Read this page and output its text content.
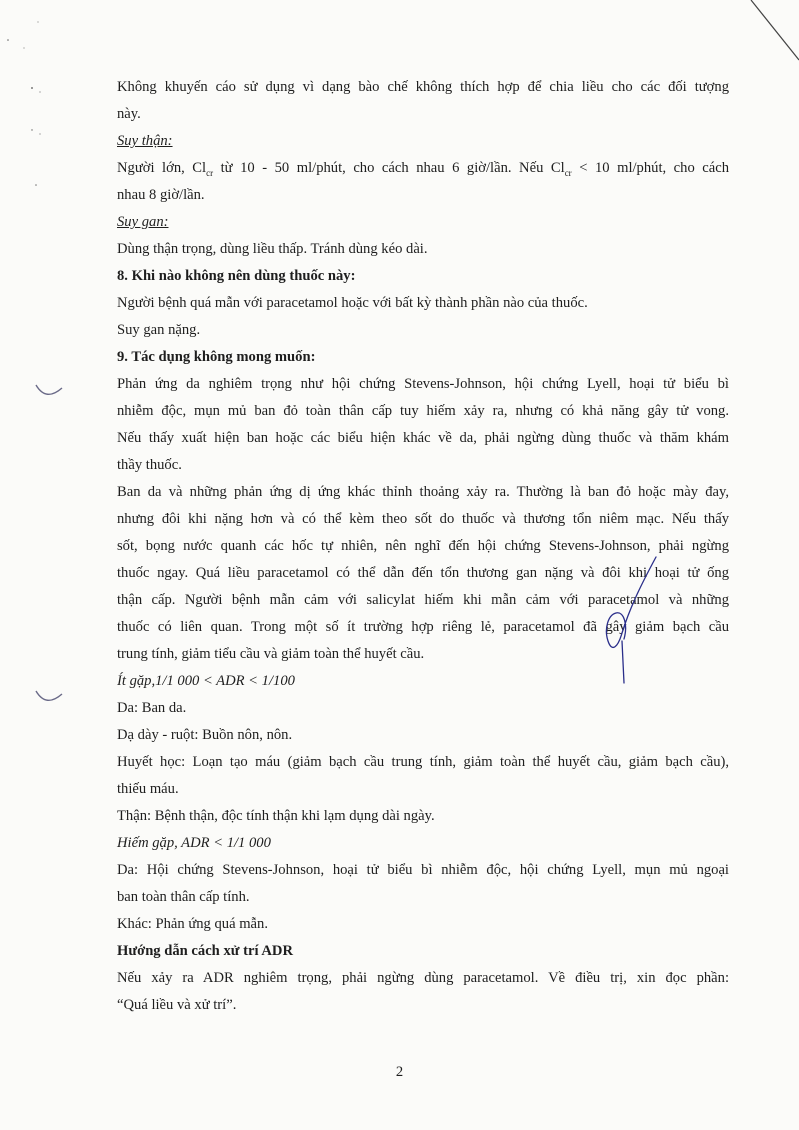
Không khuyến cáo sử dụng vì dạng bào chế không thích hợp để chia liều cho các đối tượng

này.

Suy thận:

Người lớn, $Cl_{cr}$ từ 10 - 50 ml/phút, cho cách nhau 6 giờ/lần. Nếu $Cl_{cr} < 10$ ml/phút, cho cách

nhau 8 giờ/lần.

Suy gan:

Dùng thận trọng, dùng liều thấp. Tránh dùng kéo dài.

8. Khi nào không nên dùng thuốc này:

Người bệnh quá mẫn với paracetamol hoặc với bất kỳ thành phần nào của thuốc.

Suy gan nặng.

9. Tác dụng không mong muốn:

Phản ứng da nghiêm trọng như hội chứng Stevens-Johnson, hội chứng Lyell, hoại tử biểu bì

nhiễm độc, mụn mủ ban đỏ toàn thân cấp tuy hiếm xảy ra, nhưng có khả năng gây tử vong.

Nếu thấy xuất hiện ban hoặc các biểu hiện khác về da, phải ngừng dùng thuốc và thăm khám

thầy thuốc.

Ban da và những phản ứng dị ứng khác thỉnh thoảng xảy ra. Thường là ban đỏ hoặc mày đay,

nhưng đôi khi nặng hơn và có thể kèm theo sốt do thuốc và thương tổn niêm mạc. Nếu thấy

sốt, bọng nước quanh các hốc tự nhiên, nên nghĩ đến hội chứng Stevens-Johnson, phải ngừng

thuốc ngay. Quá liều paracetamol có thể dẫn đến tổn thương gan nặng và đôi khi hoại tử ống

thận cấp. Người bệnh mẫn cảm với salicylat hiếm khi mẫn cảm với paracetamol và những

thuốc có liên quan. Trong một số ít trường hợp riêng lẻ, paracetamol đã gây giảm bạch cầu

trung tính, giảm tiểu cầu và giảm toàn thể huyết cầu.

Ít gặp,1/1 000 < ADR < 1/100

Da: Ban da.

Dạ dày - ruột: Buồn nôn, nôn.

Huyết học: Loạn tạo máu (giảm bạch cầu trung tính, giảm toàn thể huyết cầu, giảm bạch cầu),

thiếu máu.

Thận: Bệnh thận, độc tính thận khi lạm dụng dài ngày.

Hiếm gặp, ADR < 1/1 000

Da: Hội chứng Stevens-Johnson, hoại tử biểu bì nhiễm độc, hội chứng Lyell, mụn mủ ngoại

ban toàn thân cấp tính.

Khác: Phản ứng quá mẫn.

Hướng dẫn cách xử trí ADR

Nếu xảy ra ADR nghiêm trọng, phải ngừng dùng paracetamol. Về điều trị, xin đọc phần:

“Quá liều và xử trí”.

2
